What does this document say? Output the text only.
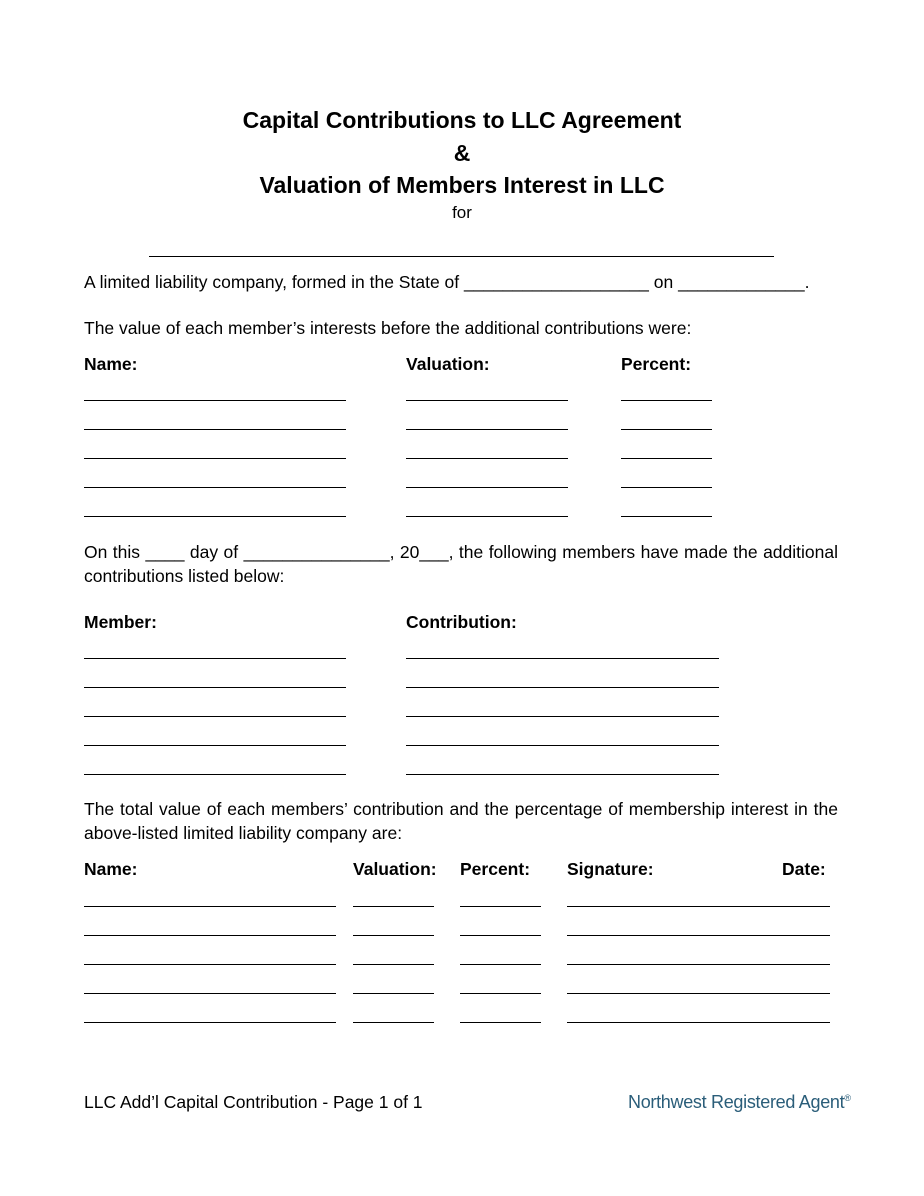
Capital Contributions to LLC Agreement
&
Valuation of Members Interest in LLC
for
A limited liability company, formed in the State of ___________________ on _____________.
The value of each member’s interests before the additional contributions were:
Name:	Valuation:	Percent:
On this ____ day of _______________, 20___, the following members have made the additional contributions listed below:
Member:	Contribution:
The total value of each members’ contribution and the percentage of membership interest in the above-listed limited liability company are:
Name:	Valuation: Percent: Signature:	Date:
LLC Add’l Capital Contribution - Page 1 of 1	Northwest Registered Agent®
